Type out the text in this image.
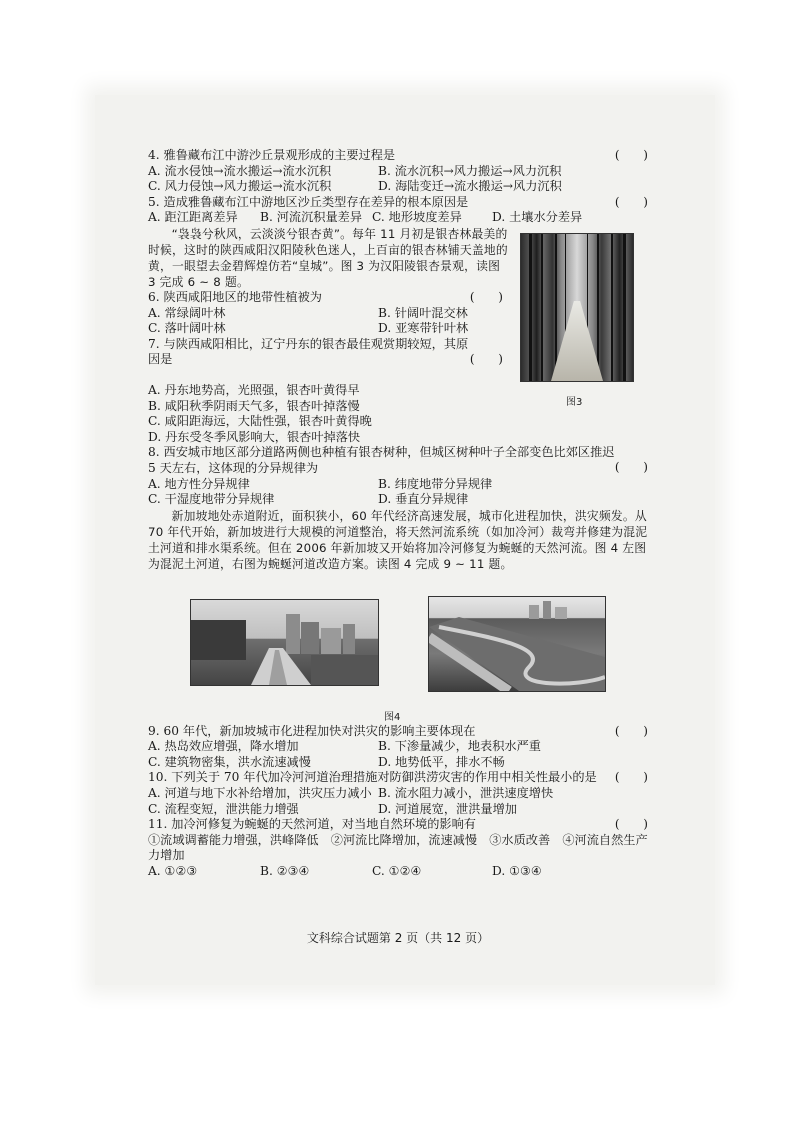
4. 雅鲁藏布江中游沙丘景观形成的主要过程是	( )
A. 流水侵蚀→流水搬运→流水沉积	B. 流水沉积→风力搬运→风力沉积
C. 风力侵蚀→风力搬运→流水沉积	D. 海陆变迁→流水搬运→风力沉积
5. 造成雅鲁藏布江中游地区沙丘类型存在差异的根本原因是	( )
A. 距江距离差异	B. 河流沉积量差异 C. 地形坡度差异	D. 土壤水分差异

“袅袅兮秋风，云淡淡兮银杏黄”。每年 11 月初是银杏林最美的时候，这时的陕西咸阳汉阳陵秋色迷人，上百亩的银杏林铺天盖地的黄，一眼望去金碧辉煌仿若“皇城”。图 3 为汉阳陵银杏景观，读图 3 完成 6 ~ 8 题。

6. 陕西咸阳地区的地带性植被为	( )
A. 常绿阔叶林	B. 针阔叶混交林
C. 落叶阔叶林	D. 亚寒带针叶林
7. 与陕西咸阳相比，辽宁丹东的银杏最佳观赏期较短，其原因是	( )
A. 丹东地势高，光照强，银杏叶黄得早
B. 咸阳秋季阴雨天气多，银杏叶掉落慢
C. 咸阳距海远，大陆性强，银杏叶黄得晚
D. 丹东受冬季风影响大，银杏叶掉落快
8. 西安城市地区部分道路两侧也种植有银杏树种，但城区树种叶子全部变色比郊区推迟 5 天左右，这体现的分异规律为	( )
A. 地方性分异规律	B. 纬度地带分异规律
C. 干湿度地带分异规律	D. 垂直分异规律

新加坡地处赤道附近，面积狭小，60 年代经济高速发展，城市化进程加快，洪灾频发。从 70 年代开始，新加坡进行大规模的河道整治，将天然河流系统（如加冷河）裁弯并修建为混泥土河道和排水渠系统。但在 2006 年新加坡又开始将加冷河修复为蜿蜒的天然河流。图 4 左图为混泥土河道，右图为蜿蜒河道改造方案。读图 4 完成 9 ~ 11 题。

9. 60 年代，新加坡城市化进程加快对洪灾的影响主要体现在	( )
A. 热岛效应增强，降水增加	B. 下渗量减少，地表积水严重
C. 建筑物密集，洪水流速减慢	D. 地势低平，排水不畅
10. 下列关于 70 年代加冷河河道治理措施对防御洪涝灾害的作用中相关性最小的是	( )
A. 河道与地下水补给增加，洪灾压力减小 B. 流水阻力减小，泄洪速度增快
C. 流程变短，泄洪能力增强	D. 河道展宽，泄洪量增加
11. 加冷河修复为蜿蜒的天然河道，对当地自然环境的影响有	( )
①流域调蓄能力增强，洪峰降低　②河流比降增加，流速减慢　③水质改善　④河流自然生产力增加
A. ①②③	B. ②③④	C. ①②④	D. ①③④
图3
图4
文科综合试题第 2 页（共 12 页）
